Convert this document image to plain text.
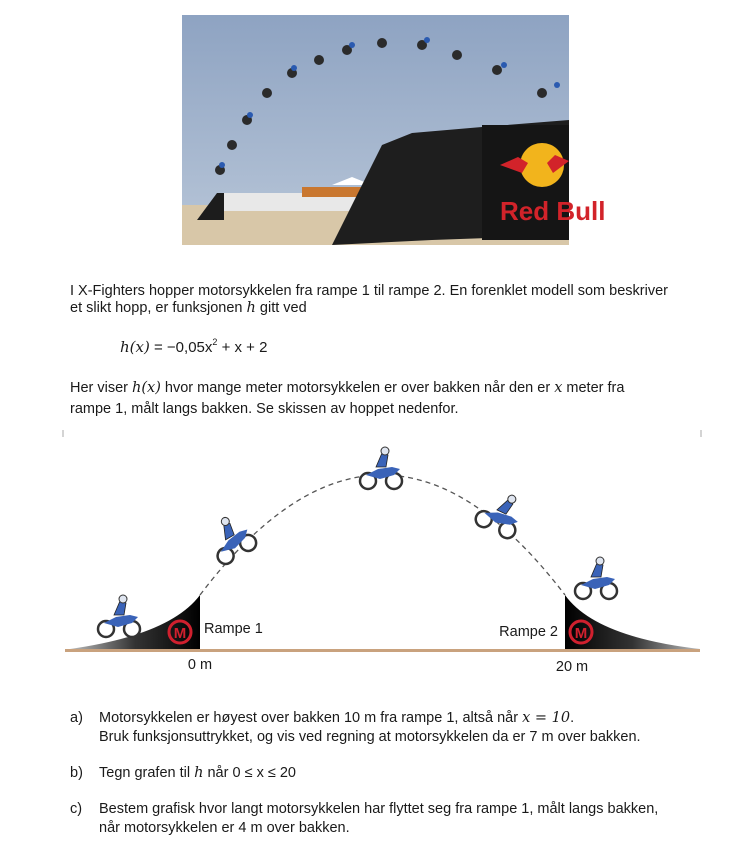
Red Bull
I X-Fighters hopper motorsykkelen fra rampe 1 til rampe 2. En forenklet modell som beskriver
et slikt hopp, er funksjonen h gitt ved
$h(x) = -0,05x^2 + x + 2$
Her viser h(x) hvor mange meter motorsykkelen er over bakken når den er x meter fra
rampe 1, målt langs bakken. Se skissen av hoppet nedenfor.
M	M
Rampe 1	Rampe 2
0 m	20 m
a) Motorsykkelen er høyest over bakken 10 m fra rampe 1, altså når x = 10.
Bruk funksjonsuttrykket, og vis ved regning at motorsykkelen da er 7 m over bakken.
b) Tegn grafen til h når 0 ≤ x ≤ 20
c) Bestem grafisk hvor langt motorsykkelen har flyttet seg fra rampe 1, målt langs bakken,
når motorsykkelen er 4 m over bakken.
